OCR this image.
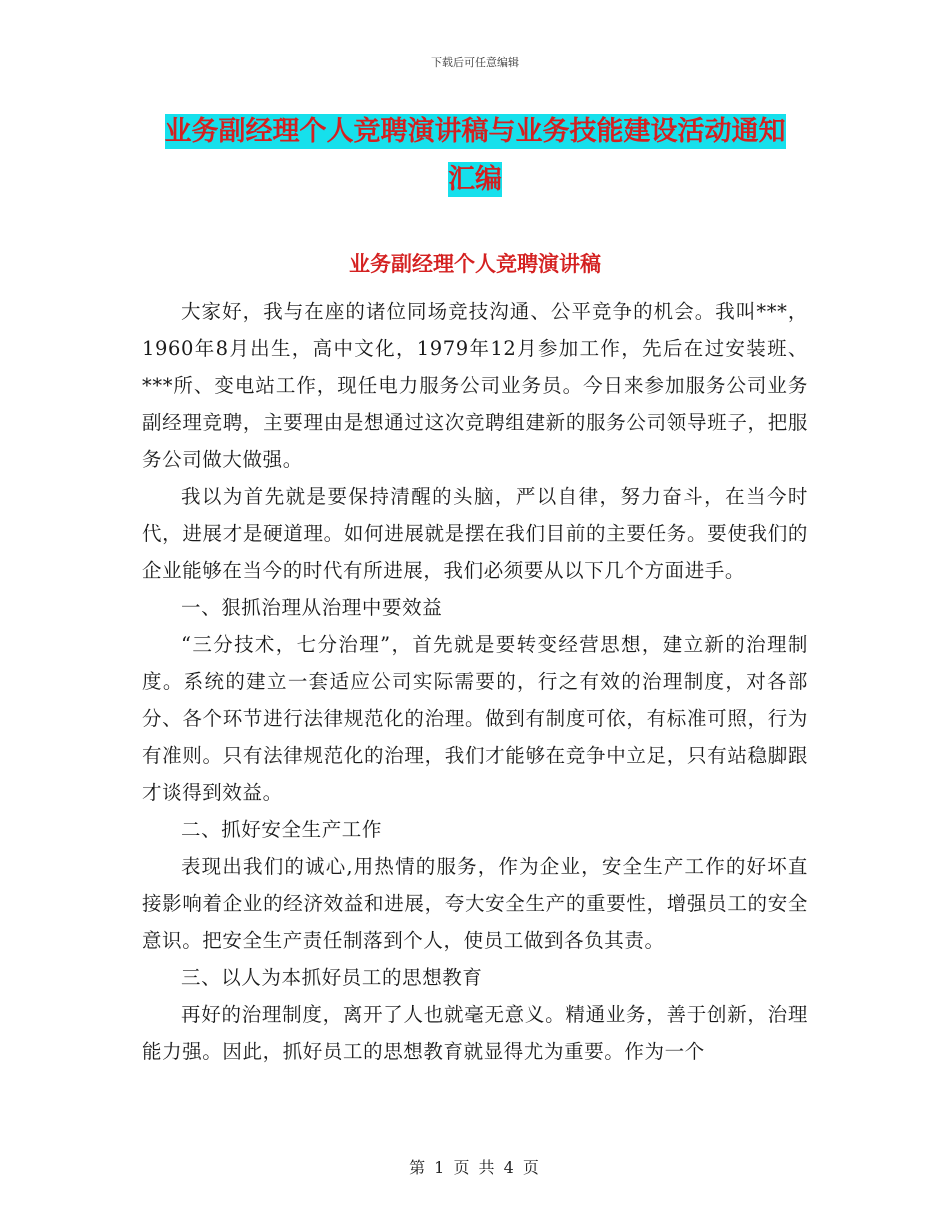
下载后可任意编辑
业务副经理个人竞聘演讲稿与业务技能建设活动通知
汇编
业务副经理个人竞聘演讲稿

大家好，我与在座的诸位同场竞技沟通、公平竞争的机会。我叫***，1960年8月出生，高中文化，1979年12月参加工作，先后在过安装班、***所、变电站工作，现任电力服务公司业务员。今日来参加服务公司业务副经理竞聘，主要理由是想通过这次竞聘组建新的服务公司领导班子，把服务公司做大做强。

我以为首先就是要保持清醒的头脑，严以自律，努力奋斗，在当今时代，进展才是硬道理。如何进展就是摆在我们目前的主要任务。要使我们的企业能够在当今的时代有所进展，我们必须要从以下几个方面进手。

一、狠抓治理从治理中要效益

“三分技术，七分治理”，首先就是要转变经营思想，建立新的治理制度。系统的建立一套适应公司实际需要的，行之有效的治理制度，对各部分、各个环节进行法律规范化的治理。做到有制度可依，有标准可照，行为有准则。只有法律规范化的治理，我们才能够在竞争中立足，只有站稳脚跟才谈得到效益。

二、抓好安全生产工作

表现出我们的诚心,用热情的服务，作为企业，安全生产工作的好坏直接影响着企业的经济效益和进展，夸大安全生产的重要性，增强员工的安全意识。把安全生产责任制落到个人，使员工做到各负其责。

三、以人为本抓好员工的思想教育

再好的治理制度，离开了人也就毫无意义。精通业务，善于创新，治理能力强。因此，抓好员工的思想教育就显得尤为重要。作为一个

第 1 页 共 4 页
